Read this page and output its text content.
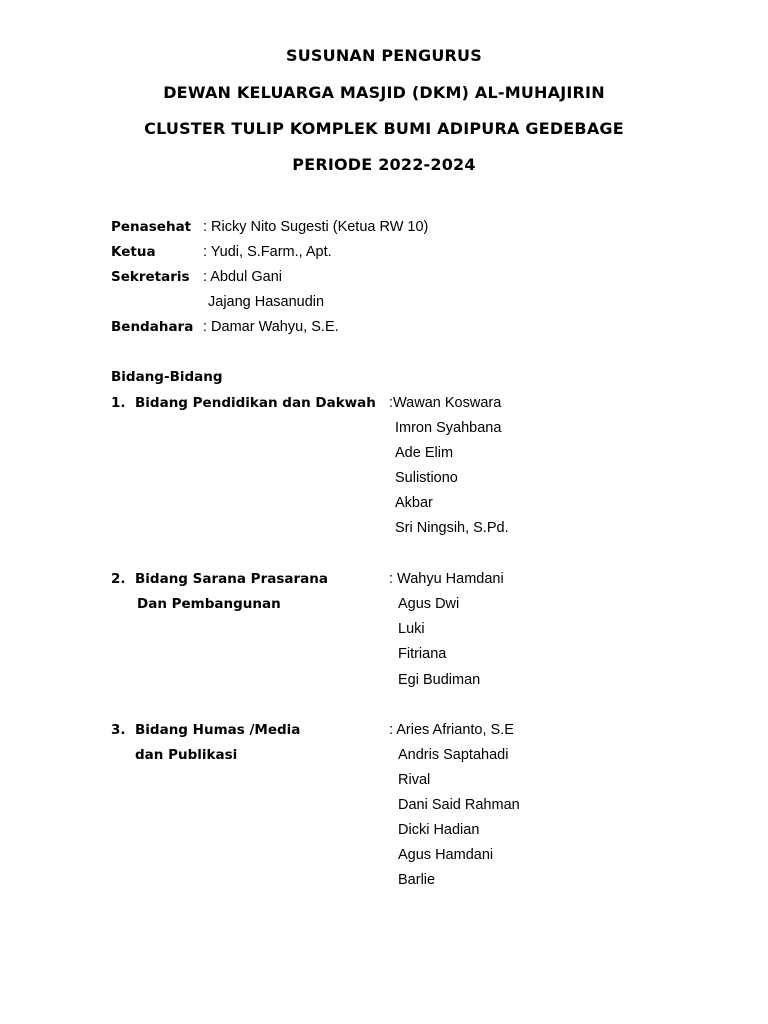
SUSUNAN PENGURUS
DEWAN KELUARGA MASJID (DKM) AL-MUHAJIRIN
CLUSTER TULIP KOMPLEK BUMI ADIPURA GEDEBAGE
PERIODE 2022-2024
Penasehat : Ricky Nito Sugesti (Ketua RW 10)
Ketua	: Yudi, S.Farm., Apt.
Sekretaris : Abdul Gani
Jajang Hasanudin
Bendahara : Damar Wahyu, S.E.
Bidang-Bidang
1. Bidang Pendidikan dan Dakwah :Wawan Koswara
Imron Syahbana
Ade Elim
Sulistiono
Akbar
Sri Ningsih, S.Pd.
2. Bidang Sarana Prasarana
Dan Pembangunan
: Wahyu Hamdani
Agus Dwi
Luki
Fitriana
Egi Budiman
3. Bidang Humas /Media
dan Publikasi
: Aries Afrianto, S.E
Andris Saptahadi
Rival
Dani Said Rahman
Dicki Hadian
Agus Hamdani
Barlie
